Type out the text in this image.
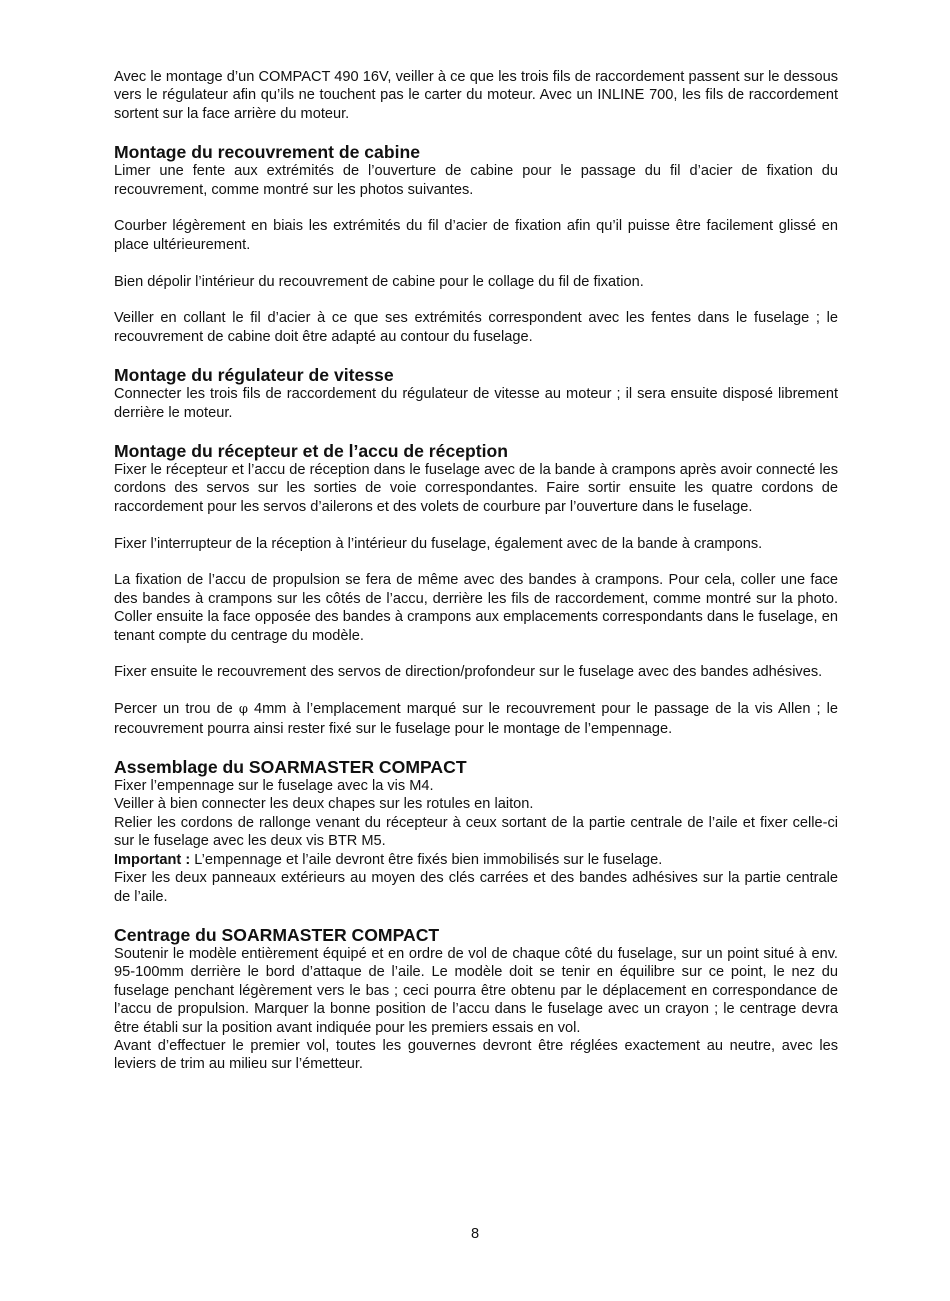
Avec le montage d’un COMPACT 490 16V, veiller à ce que les trois fils de raccordement passent sur le dessous vers le régulateur afin qu’ils ne touchent pas le carter du moteur. Avec un INLINE 700, les fils de raccordement sortent sur la face arrière du moteur.

Montage du recouvrement de cabine

Limer une fente aux extrémités de l’ouverture de cabine pour le passage du fil d’acier de fixation du recouvrement, comme montré sur les photos suivantes.

Courber légèrement en biais les extrémités du fil d’acier de fixation afin qu’il puisse être facilement glissé en place ultérieurement.

Bien dépolir l’intérieur du recouvrement de cabine pour le collage du fil de fixation.

Veiller en collant le fil d’acier à ce que ses extrémités correspondent avec les fentes dans le fuselage ; le recouvrement de cabine doit être adapté au contour du fuselage.

Montage du régulateur de vitesse

Connecter les trois fils de raccordement du régulateur de vitesse au moteur ; il sera ensuite disposé librement derrière le moteur.

Montage du récepteur et de l’accu de réception

Fixer le récepteur et l’accu de réception dans le fuselage avec de la bande à crampons après avoir connecté les cordons des servos sur les sorties de voie correspondantes. Faire sortir ensuite les quatre cordons de raccordement pour les servos d’ailerons et des volets de courbure par l’ouverture dans le fuselage.

Fixer l’interrupteur de la réception à l’intérieur du fuselage, également avec de la bande à crampons.

La fixation de l’accu de propulsion se fera de même avec des bandes à crampons. Pour cela, coller une face des bandes à crampons sur les côtés de l’accu, derrière les fils de raccordement, comme montré sur la photo. Coller ensuite la face opposée des bandes à crampons aux emplacements correspondants dans le fuselage, en tenant compte du centrage du modèle.

Fixer ensuite le recouvrement des servos de direction/profondeur sur le fuselage avec des bandes adhésives.

Percer un trou de φ 4mm à l’emplacement marqué sur le recouvrement pour le passage de la vis Allen ; le recouvrement pourra ainsi rester fixé sur le fuselage pour le montage de l’empennage.

Assemblage du SOARMASTER COMPACT

Fixer l’empennage sur le fuselage avec la vis M4.

Veiller à bien connecter les deux chapes sur les rotules en laiton.

Relier les cordons de rallonge venant du récepteur à ceux sortant de la partie centrale de l’aile et fixer celle-ci sur le fuselage avec les deux vis BTR M5.

Important : L’empennage et l’aile devront être fixés bien immobilisés sur le fuselage.

Fixer les deux panneaux extérieurs au moyen des clés carrées et des bandes adhésives sur la partie centrale de l’aile.

Centrage du SOARMASTER COMPACT

Soutenir le modèle entièrement équipé et en ordre de vol de chaque côté du fuselage, sur un point situé à env. 95-100mm derrière le bord d’attaque de l’aile. Le modèle doit se tenir en équilibre sur ce point, le nez du fuselage penchant légèrement vers le bas ; ceci pourra être obtenu par le déplacement en correspondance de l’accu de propulsion. Marquer la bonne position de l’accu dans le fuselage avec un crayon ; le centrage devra être établi sur la position avant indiquée pour les premiers essais en vol.

Avant d’effectuer le premier vol, toutes les gouvernes devront être réglées exactement au neutre, avec les leviers de trim au milieu sur l’émetteur.

8
